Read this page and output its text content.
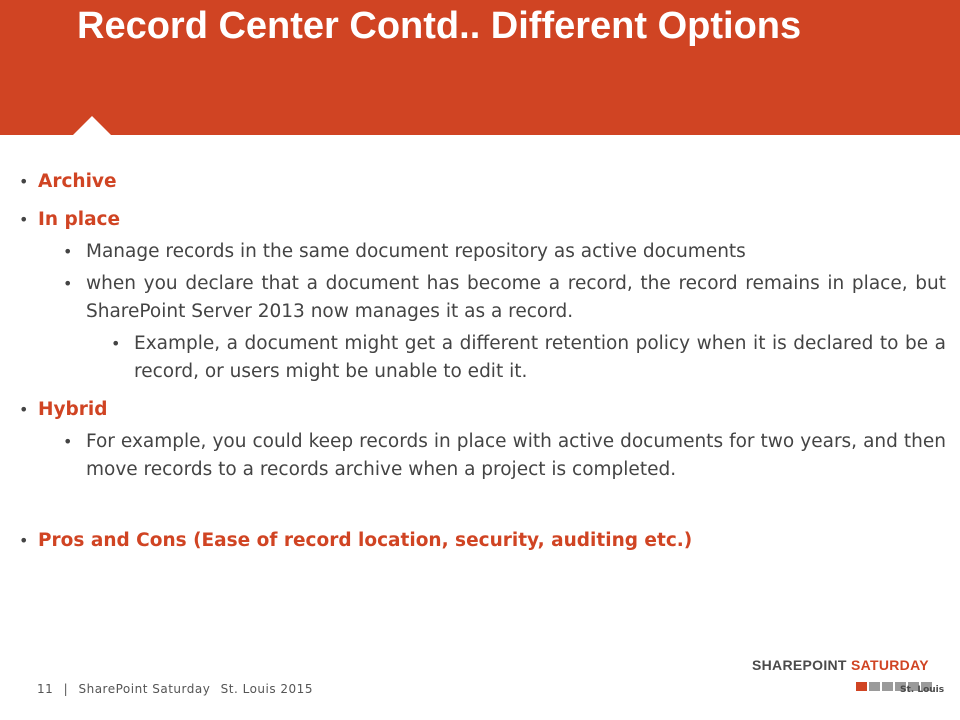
Record Center Contd.. Different Options
• Archive
• In place
• Manage records in the same document repository as active documents
• when you declare that a document has become a record, the record remains in place, but SharePoint Server 2013 now manages it as a record.
• Example, a document might get a different retention policy when it is declared to be a record, or users might be unable to edit it.
• Hybrid
• For example, you could keep records in place with active documents for two years, and then move records to a records archive when a project is completed.
• Pros and Cons (Ease of record location, security, auditing etc.)
11 | SharePoint Saturday St. Louis 2015
SHAREPOINT SATURDAY
St. Louis
